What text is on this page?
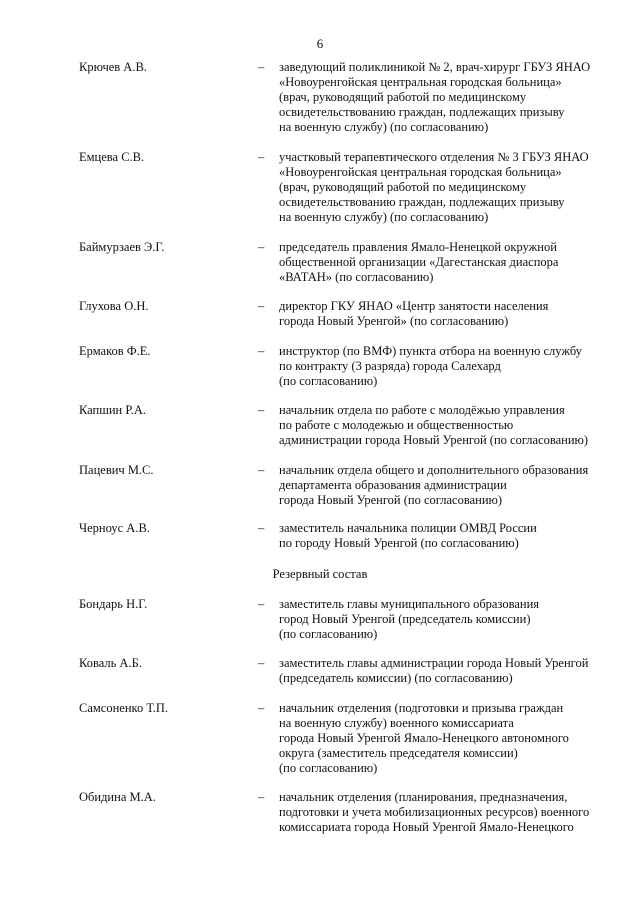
6
Крючев А.В.	– заведующий поликлиникой № 2, врач-хирург ГБУЗ ЯНАО
«Новоуренгойская центральная городская больница»
(врач, руководящий работой по медицинскому
освидетельствованию граждан, подлежащих призыву
на военную службу) (по согласованию)
Емцева С.В.	– участковый терапевтического отделения № 3 ГБУЗ ЯНАО
«Новоуренгойская центральная городская больница»
(врач, руководящий работой по медицинскому
освидетельствованию граждан, подлежащих призыву
на военную службу) (по согласованию)
Баймурзаев Э.Г.	– председатель правления Ямало-Ненецкой окружной
общественной организации «Дагестанская диаспора
«ВАТАН» (по согласованию)
Глухова О.Н.	– директор ГКУ ЯНАО «Центр занятости населения
города Новый Уренгой» (по согласованию)
Ермаков Ф.Е.	– инструктор (по ВМФ) пункта отбора на военную службу
по контракту (3 разряда) города Салехард
(по согласованию)
Капшин Р.А.	– начальник отдела по работе с молодёжью управления
по работе с молодежью и общественностью
администрации города Новый Уренгой (по согласованию)
Пацевич М.С.	– начальник отдела общего и дополнительного образования
департамента образования администрации
города Новый Уренгой (по согласованию)
Черноус А.В.	– заместитель начальника полиции ОМВД России
по городу Новый Уренгой (по согласованию)
Резервный состав
Бондарь Н.Г.	– заместитель главы муниципального образования
город Новый Уренгой (председатель комиссии)
(по согласованию)
Коваль А.Б.	– заместитель главы администрации города Новый Уренгой
(председатель комиссии) (по согласованию)
Самсоненко Т.П.	– начальник отделения (подготовки и призыва граждан
на военную службу) военного комиссариата
города Новый Уренгой Ямало-Ненецкого автономного
округа (заместитель председателя комиссии)
(по согласованию)
Обидина М.А.	– начальник отделения (планирования, предназначения,
подготовки и учета мобилизационных ресурсов) военного
комиссариата города Новый Уренгой Ямало-Ненецкого
